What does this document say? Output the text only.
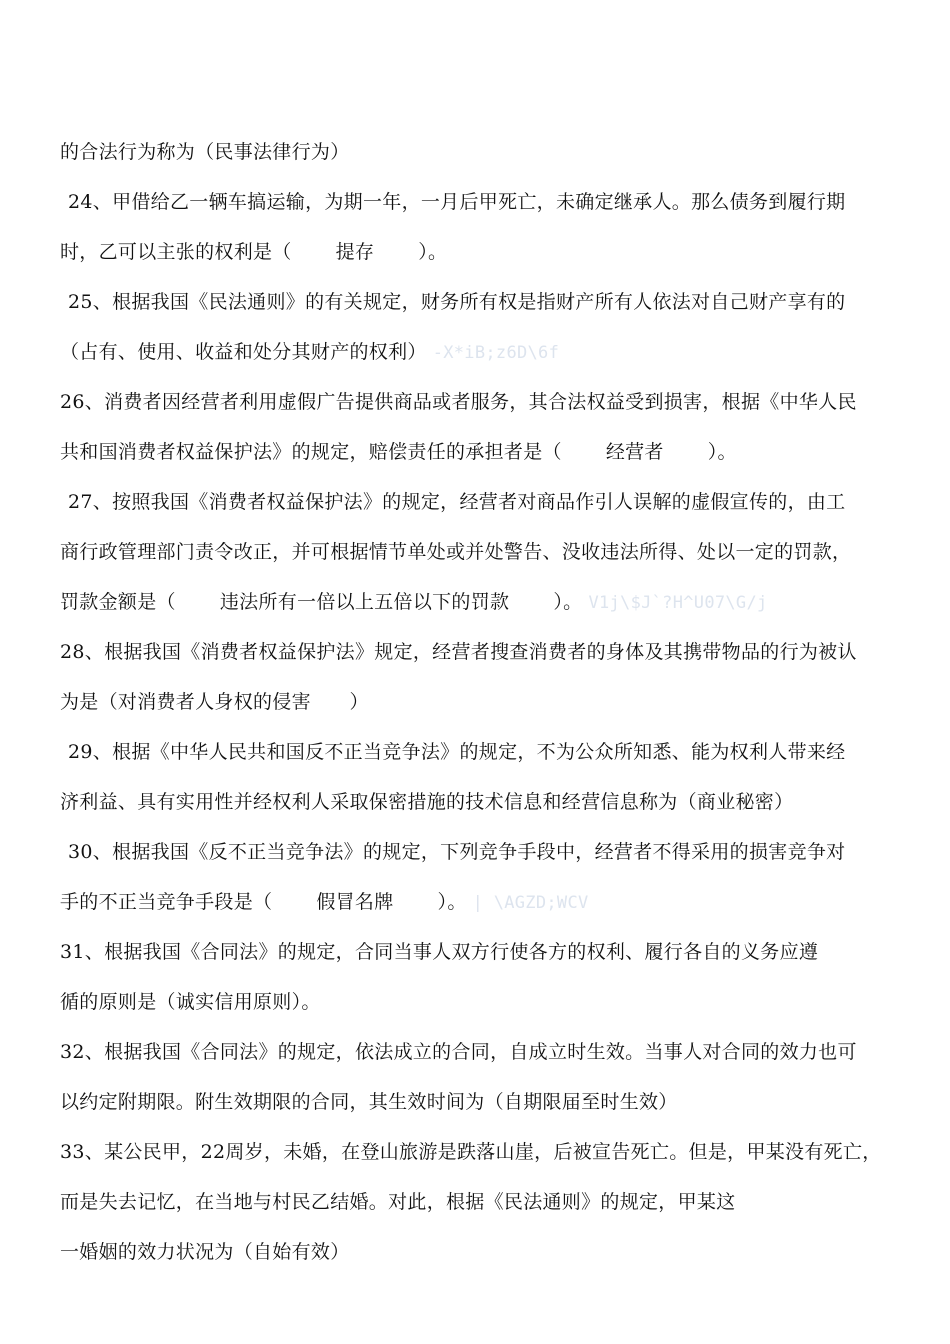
的合法行为称为（民事法律行为）
24、甲借给乙一辆车搞运输，为期一年，一月后甲死亡，未确定继承人。那么债务到履行期
时，乙可以主张的权利是（ 提存 ）。
25、根据我国《民法通则》的有关规定，财务所有权是指财产所有人依法对自己财产享有的
（占有、使用、收益和处分其财产的权利） -X*iB;z6D\6f
26、消费者因经营者利用虚假广告提供商品或者服务，其合法权益受到损害，根据《中华人民
共和国消费者权益保护法》的规定，赔偿责任的承担者是（ 经营者 ）。
27、按照我国《消费者权益保护法》的规定，经营者对商品作引人误解的虚假宣传的，由工
商行政管理部门责令改正，并可根据情节单处或并处警告、没收违法所得、处以一定的罚款，
罚款金额是（ 违法所有一倍以上五倍以下的罚款 ）。 V1j\$J`?H^U07\G/j
28、根据我国《消费者权益保护法》规定，经营者搜查消费者的身体及其携带物品的行为被认
为是（对消费者人身权的侵害　　）
29、根据《中华人民共和国反不正当竞争法》的规定，不为公众所知悉、能为权利人带来经
济利益、具有实用性并经权利人采取保密措施的技术信息和经营信息称为（商业秘密）
30、根据我国《反不正当竞争法》的规定，下列竞争手段中，经营者不得采用的损害竞争对
手的不正当竞争手段是（ 假冒名牌 ）。 | \AGZD;WCV
31、根据我国《合同法》的规定，合同当事人双方行使各方的权利、履行各自的义务应遵
循的原则是（诚实信用原则）。
32、根据我国《合同法》的规定，依法成立的合同，自成立时生效。当事人对合同的效力也可
以约定附期限。附生效期限的合同，其生效时间为（自期限届至时生效）
33、某公民甲，22周岁，未婚，在登山旅游是跌落山崖，后被宣告死亡。但是，甲某没有死亡，
而是失去记忆，在当地与村民乙结婚。对此，根据《民法通则》的规定，甲某这
一婚姻的效力状况为（自始有效）
